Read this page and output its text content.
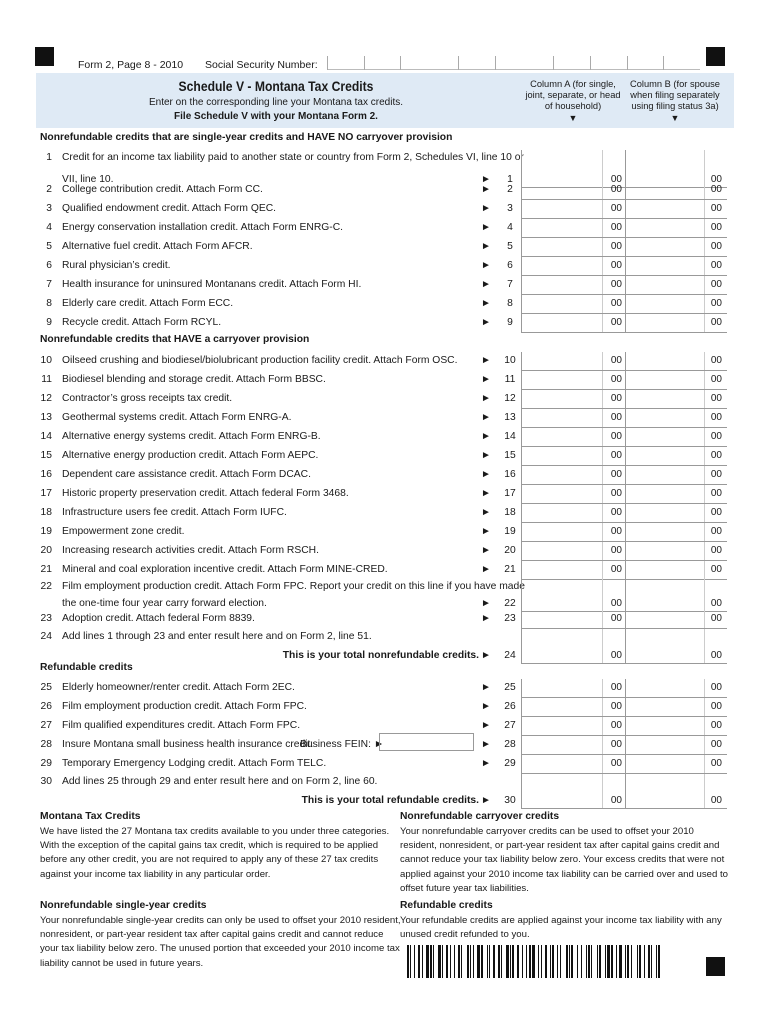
Form 2, Page 8 - 2010 Social Security Number:
Schedule V - Montana Tax Credits
Enter on the corresponding line your Montana tax credits.
File Schedule V with your Montana Form 2.
Column A (for single,
joint, separate, or head
of household)
▼
Column B (for spouse
when filing separately
using filing status 3a)
▼
Nonrefundable credits that are single-year credits and HAVE NO carryover provision
Nonrefundable credits that HAVE a carryover provision
Refundable credits
1 Credit for an income tax liability paid to another state or country from Form 2, Schedules VI, line 10 or
VII, line 10.	►	1	00	00
2 College contribution credit. Attach Form CC.	►	2	00	00
3 Qualified endowment credit. Attach Form QEC.	►	3	00	00
4 Energy conservation installation credit. Attach Form ENRG-C.	►	4	00	00
5 Alternative fuel credit. Attach Form AFCR.	►	5	00	00
6 Rural physician’s credit.	►	6	00	00
7 Health insurance for uninsured Montanans credit. Attach Form HI.	►	7	00	00
8 Elderly care credit. Attach Form ECC.	►	8	00	00
9 Recycle credit. Attach Form RCYL.	►	9	00	00
10 Oilseed crushing and biodiesel/biolubricant production facility credit. Attach Form OSC. ►	10	00	00
11 Biodiesel blending and storage credit. Attach Form BBSC.	►	11	00	00
12 Contractor’s gross receipts tax credit.	►	12	00	00
13 Geothermal systems credit. Attach Form ENRG-A.	►	13	00	00
14 Alternative energy systems credit. Attach Form ENRG-B.	►	14	00	00
15 Alternative energy production credit. Attach Form AEPC.	►	15	00	00
16 Dependent care assistance credit. Attach Form DCAC.	►	16	00	00
17 Historic property preservation credit. Attach federal Form 3468.	►	17	00	00
18 Infrastructure users fee credit. Attach Form IUFC.	►	18	00	00
19 Empowerment zone credit.	►	19	00	00
20 Increasing research activities credit. Attach Form RSCH.	►	20	00	00
21 Mineral and coal exploration incentive credit. Attach Form MINE-CRED.	►	21	00	00
22 Film employment production credit. Attach Form FPC. Report your credit on this line if you have made
the one-time four year carry forward election.	►	22	00	00
23 Adoption credit. Attach federal Form 8839.	►	23	00	00
24 Add lines 1 through 23 and enter result here and on Form 2, line 51.
This is your total nonrefundable credits. ►	24	00	00
25 Elderly homeowner/renter credit. Attach Form 2EC.	►	25	00	00
26 Film employment production credit. Attach Form FPC.	►	26	00	00
27 Film qualified expenditures credit. Attach Form FPC.	►	27	00	00
28 Insure Montana small business health insurance credit.
Business FEIN: ►	►	28	00	00
29 Temporary Emergency Lodging credit. Attach Form TELC.	►	29	00	00
30 Add lines 25 through 29 and enter result here and on Form 2, line 60.
This is your total refundable credits. ►	30	00	00
Montana Tax Credits
We have listed the 27 Montana tax credits available to you under three categories.
With the exception of the capital gains tax credit, which is required to be applied
before any other credit, you are not required to apply any of these 27 tax credits
against your income tax liability in any particular order.
Nonrefundable single-year credits
Your nonrefundable single-year credits can only be used to offset your 2010 resident,
nonresident, or part-year resident tax after capital gains credit and cannot reduce
your tax liability below zero. The unused portion that exceeded your 2010 income tax
liability cannot be used in future years.
Nonrefundable carryover credits
Your nonrefundable carryover credits can be used to offset your 2010
resident, nonresident, or part-year resident tax after capital gains credit and
cannot reduce your tax liability below zero. Your excess credits that were not
applied against your 2010 income tax liability can be carried over and used to
offset future year tax liabilities.
Refundable credits
Your refundable credits are applied against your income tax liability with any
unused credit refunded to you.
